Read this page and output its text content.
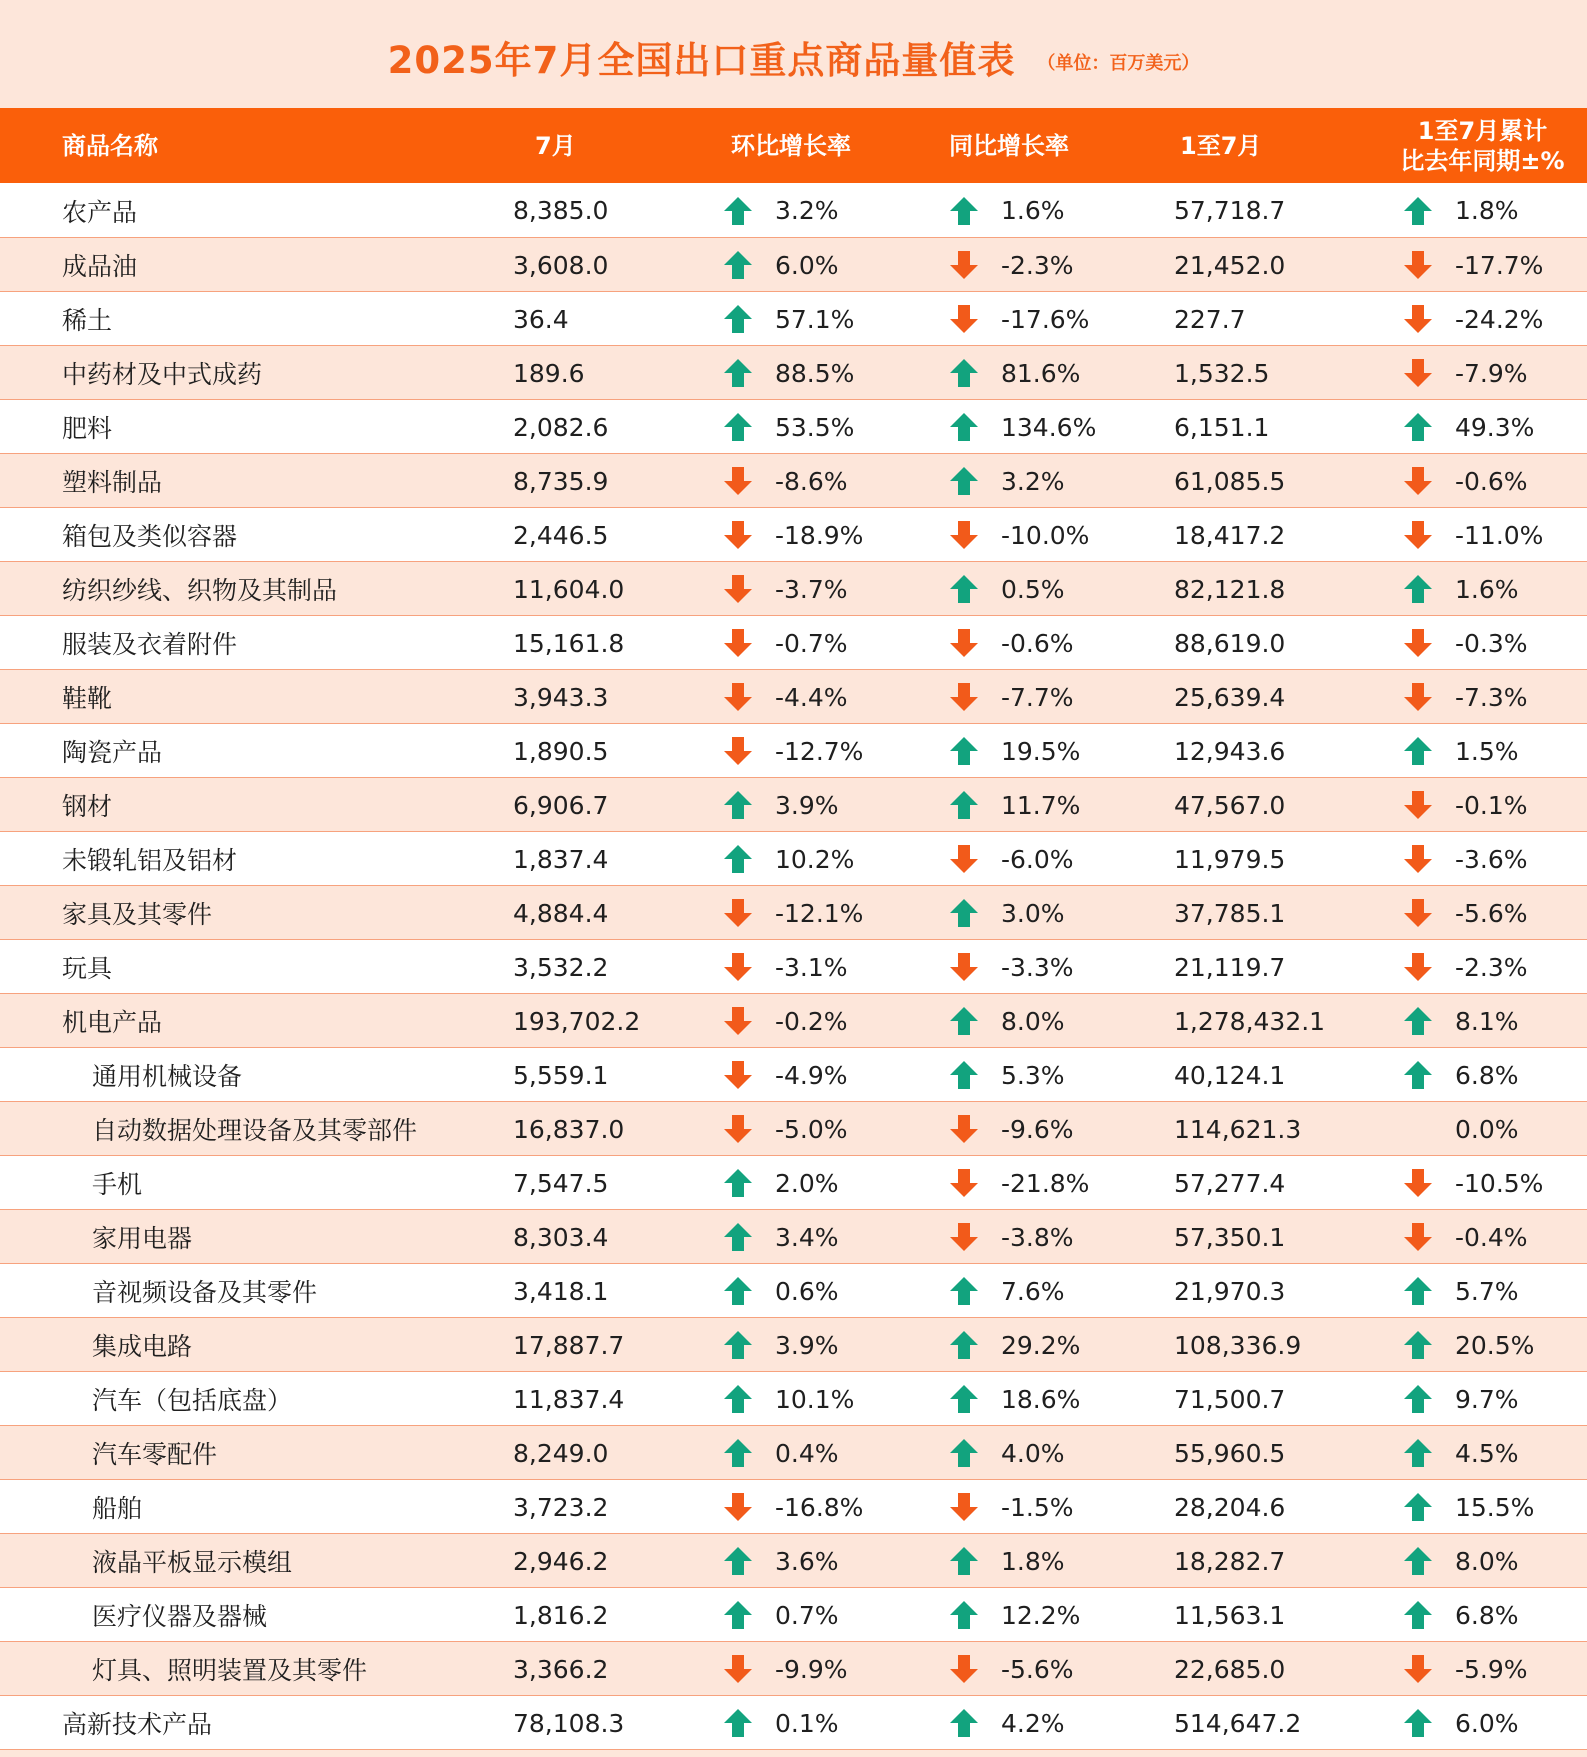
2025年7月全国出口重点商品量值表 （单位：百万美元）
商品名称	7月	环比增长率	同比增长率	1至7月	1至7月累计
比去年同期±%

农产品	8,385.0	3.2%	1.6%	57,718.7	1.8%

成品油	3,608.0	6.0%	-2.3%	21,452.0	-17.7%

稀土	36.4	57.1%	-17.6%	227.7	-24.2%

中药材及中式成药	189.6	88.5%	81.6%	1,532.5	-7.9%

肥料	2,082.6	53.5%	134.6%	6,151.1	49.3%

塑料制品	8,735.9	-8.6%	3.2%	61,085.5	-0.6%

箱包及类似容器	2,446.5	-18.9%	-10.0%	18,417.2	-11.0%

纺织纱线、织物及其制品	11,604.0	-3.7%	0.5%	82,121.8	1.6%

服装及衣着附件	15,161.8	-0.7%	-0.6%	88,619.0	-0.3%

鞋靴	3,943.3	-4.4%	-7.7%	25,639.4	-7.3%

陶瓷产品	1,890.5	-12.7%	19.5%	12,943.6	1.5%

钢材	6,906.7	3.9%	11.7%	47,567.0	-0.1%

未锻轧铝及铝材	1,837.4	10.2%	-6.0%	11,979.5	-3.6%

家具及其零件	4,884.4	-12.1%	3.0%	37,785.1	-5.6%

玩具	3,532.2	-3.1%	-3.3%	21,119.7	-2.3%

机电产品	193,702.2	-0.2%	8.0%	1,278,432.1	8.1%

通用机械设备	5,559.1	-4.9%	5.3%	40,124.1	6.8%

自动数据处理设备及其零部件	16,837.0	-5.0%	-9.6%	114,621.3	0.0%

手机	7,547.5	2.0%	-21.8%	57,277.4	-10.5%

家用电器	8,303.4	3.4%	-3.8%	57,350.1	-0.4%

音视频设备及其零件	3,418.1	0.6%	7.6%	21,970.3	5.7%

集成电路	17,887.7	3.9%	29.2%	108,336.9	20.5%

汽车（包括底盘）	11,837.4	10.1%	18.6%	71,500.7	9.7%

汽车零配件	8,249.0	0.4%	4.0%	55,960.5	4.5%

船舶	3,723.2	-16.8%	-1.5%	28,204.6	15.5%

液晶平板显示模组	2,946.2	3.6%	1.8%	18,282.7	8.0%

医疗仪器及器械	1,816.2	0.7%	12.2%	11,563.1	6.8%

灯具、照明装置及其零件	3,366.2	-9.9%	-5.6%	22,685.0	-5.9%

高新技术产品	78,108.3	0.1%	4.2%	514,647.2	6.0%
